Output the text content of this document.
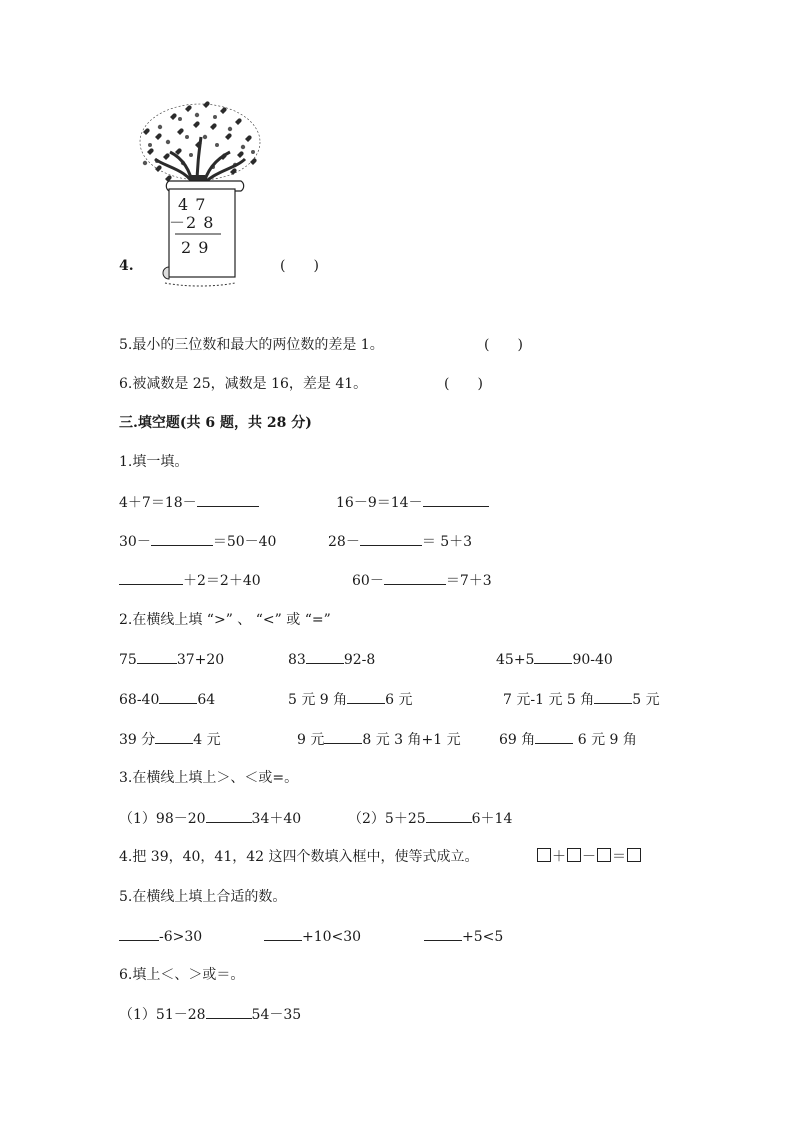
4 7
－2 8
2 9
4.	(　　)
5.最小的三位数和最大的两位数的差是 1。	(　　)
6.被减数是 25，减数是 16，差是 41。	(　　)
三.填空题(共 6 题，共 28 分)
1.填一填。
4＋7＝18－	16－9＝14－
30－	＝50－40	28－	＝ 5＋3
＋2＝2＋40	60－	＝7＋3
2.在横线上填 “>” 、 “<” 或 “=”
75	37+20	83	92-8	45+5	90-40
68-40	64	5 元 9 角	6 元	7 元-1 元 5 角	5 元
39 分	4 元	9 元	8 元 3 角+1 元	69 角	6 元 9 角
3.在横线上填上＞、＜或=。
（1）98－20	34＋40	（2）5＋25	6＋14
4.把 39，40，41，42 这四个数填入框中，使等式成立。	＋ － ＝
5.在横线上填上合适的数。
-6>30	+10<30	+5<5
6.填上＜、＞或＝。
（1）51－28	54－35
